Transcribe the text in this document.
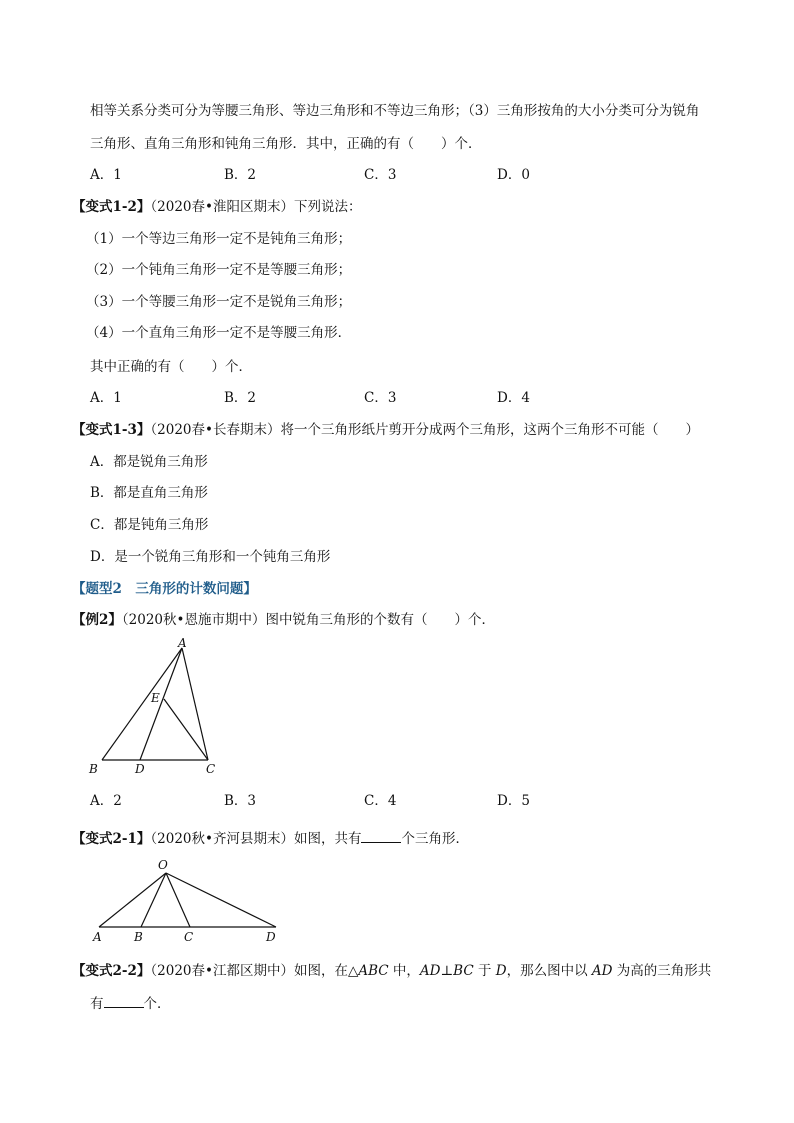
相等关系分类可分为等腰三角形、等边三角形和不等边三角形；（3）三角形按角的大小分类可分为锐角
三角形、直角三角形和钝角三角形．其中，正确的有（　　）个．
A．1	B．2	C．3	D．0
【变式1-2】（2020春•淮阳区期末）下列说法：
（1）一个等边三角形一定不是钝角三角形；
（2）一个钝角三角形一定不是等腰三角形；
（3）一个等腰三角形一定不是锐角三角形；
（4）一个直角三角形一定不是等腰三角形．
其中正确的有（　　）个．
A．1	B．2	C．3	D．4
【变式1-3】（2020春•长春期末）将一个三角形纸片剪开分成两个三角形，这两个三角形不可能（　　）
A．都是锐角三角形
B．都是直角三角形
C．都是钝角三角形
D．是一个锐角三角形和一个钝角三角形
【题型2　三角形的计数问题】
【例2】（2020秋•恩施市期中）图中锐角三角形的个数有（　　）个．
A
E
B	D	C
A．2	B．3	C．4	D．5
【变式2-1】（2020秋•齐河县期末）如图，共有	个三角形．
O
A	B	C	D
【变式2-2】（2020春•江都区期中）如图，在△ABC 中，AD⊥BC 于 D，那么图中以 AD 为高的三角形共
有	个．
